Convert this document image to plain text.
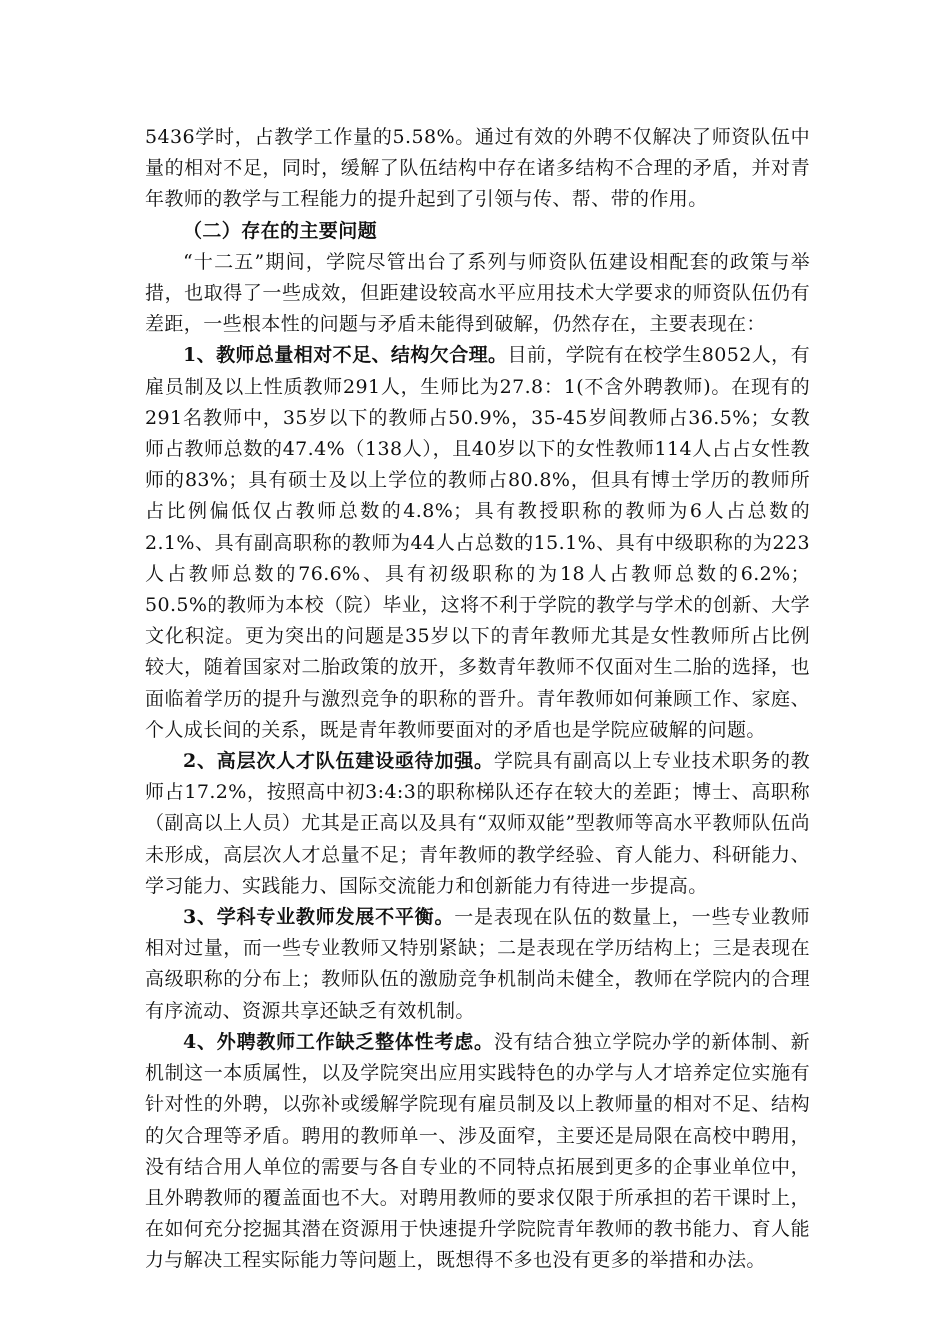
5436学时，占教学工作量的5.58%。通过有效的外聘不仅解决了师资队伍中量的相对不足，同时，缓解了队伍结构中存在诸多结构不合理的矛盾，并对青年教师的教学与工程能力的提升起到了引领与传、帮、带的作用。

（二）存在的主要问题

“十二五”期间，学院尽管出台了系列与师资队伍建设相配套的政策与举措，也取得了一些成效，但距建设较高水平应用技术大学要求的师资队伍仍有差距，一些根本性的问题与矛盾未能得到破解，仍然存在，主要表现在：

1、教师总量相对不足、结构欠合理。目前，学院有在校学生8052人，有雇员制及以上性质教师291人，生师比为27.8：1(不含外聘教师)。在现有的291名教师中，35岁以下的教师占50.9%，35-45岁间教师占36.5%；女教师占教师总数的47.4%（138人），且40岁以下的女性教师114人占占女性教师的83%；具有硕士及以上学位的教师占80.8%，但具有博士学历的教师所占比例偏低仅占教师总数的4.8%；具有教授职称的教师为6人占总数的2.1%、具有副高职称的教师为44人占总数的15.1%、具有中级职称的为223人占教师总数的76.6%、具有初级职称的为18人占教师总数的6.2%；50.5%的教师为本校（院）毕业，这将不利于学院的教学与学术的创新、大学文化积淀。更为突出的问题是35岁以下的青年教师尤其是女性教师所占比例较大，随着国家对二胎政策的放开，多数青年教师不仅面对生二胎的选择，也面临着学历的提升与激烈竞争的职称的晋升。青年教师如何兼顾工作、家庭、个人成长间的关系，既是青年教师要面对的矛盾也是学院应破解的问题。

2、高层次人才队伍建设亟待加强。学院具有副高以上专业技术职务的教师占17.2%，按照高中初3:4:3的职称梯队还存在较大的差距；博士、高职称（副高以上人员）尤其是正高以及具有“双师双能”型教师等高水平教师队伍尚未形成，高层次人才总量不足；青年教师的教学经验、育人能力、科研能力、学习能力、实践能力、国际交流能力和创新能力有待进一步提高。

3、学科专业教师发展不平衡。一是表现在队伍的数量上，一些专业教师相对过量，而一些专业教师又特别紧缺；二是表现在学历结构上；三是表现在高级职称的分布上；教师队伍的激励竞争机制尚未健全，教师在学院内的合理有序流动、资源共享还缺乏有效机制。

4、外聘教师工作缺乏整体性考虑。没有结合独立学院办学的新体制、新机制这一本质属性，以及学院突出应用实践特色的办学与人才培养定位实施有针对性的外聘，以弥补或缓解学院现有雇员制及以上教师量的相对不足、结构的欠合理等矛盾。聘用的教师单一、涉及面窄，主要还是局限在高校中聘用，没有结合用人单位的需要与各自专业的不同特点拓展到更多的企事业单位中，且外聘教师的覆盖面也不大。对聘用教师的要求仅限于所承担的若干课时上，在如何充分挖掘其潜在资源用于快速提升学院院青年教师的教书能力、育人能力与解决工程实际能力等问题上，既想得不多也没有更多的举措和办法。
